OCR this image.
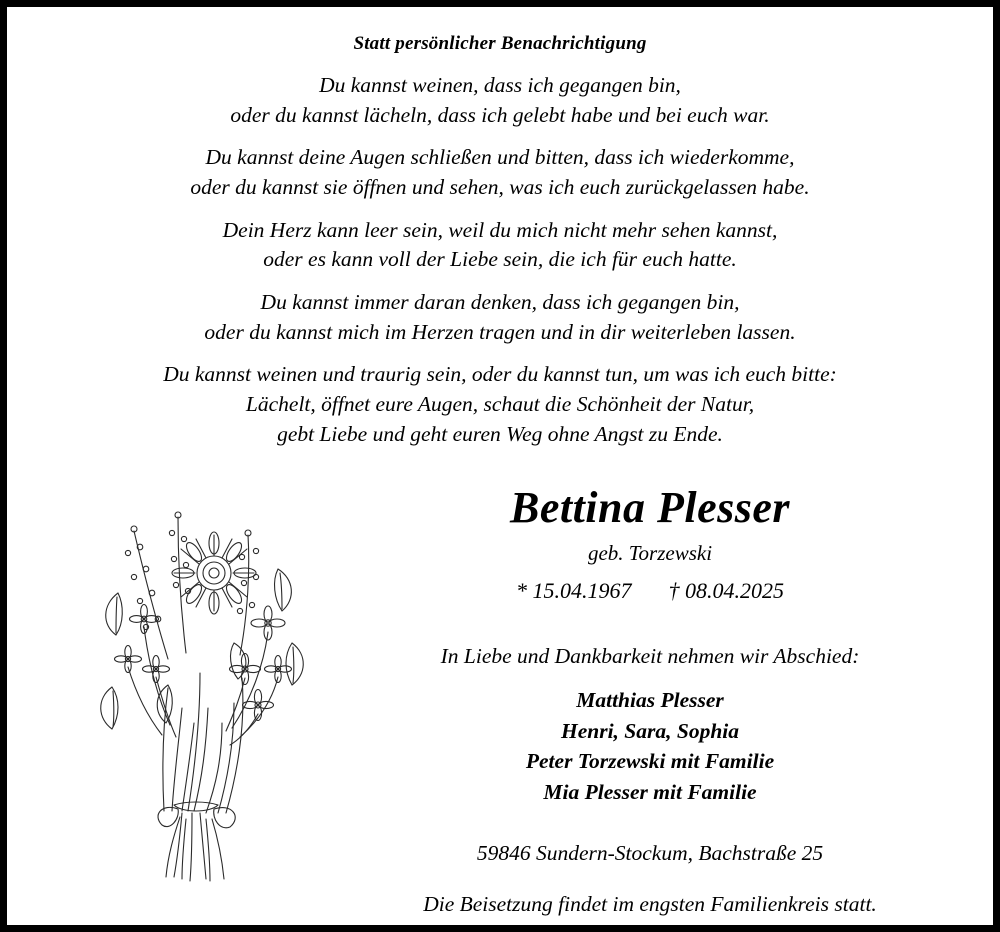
Statt persönlicher Benachrichtigung
Du kannst weinen, dass ich gegangen bin,
oder du kannst lächeln, dass ich gelebt habe und bei euch war.
Du kannst deine Augen schließen und bitten, dass ich wiederkomme,
oder du kannst sie öffnen und sehen, was ich euch zurückgelassen habe.
Dein Herz kann leer sein, weil du mich nicht mehr sehen kannst,
oder es kann voll der Liebe sein, die ich für euch hatte.
Du kannst immer daran denken, dass ich gegangen bin,
oder du kannst mich im Herzen tragen und in dir weiterleben lassen.
Du kannst weinen und traurig sein, oder du kannst tun, um was ich euch bitte:
Lächelt, öffnet eure Augen, schaut die Schönheit der Natur,
gebt Liebe und geht euren Weg ohne Angst zu Ende.
Bettina Plesser
geb. Torzewski
* 15.04.1967 † 08.04.2025
In Liebe und Dankbarkeit nehmen wir Abschied:
Matthias Plesser
Henri, Sara, Sophia
Peter Torzewski mit Familie
Mia Plesser mit Familie
59846 Sundern-Stockum, Bachstraße 25
Die Beisetzung findet im engsten Familienkreis statt.
